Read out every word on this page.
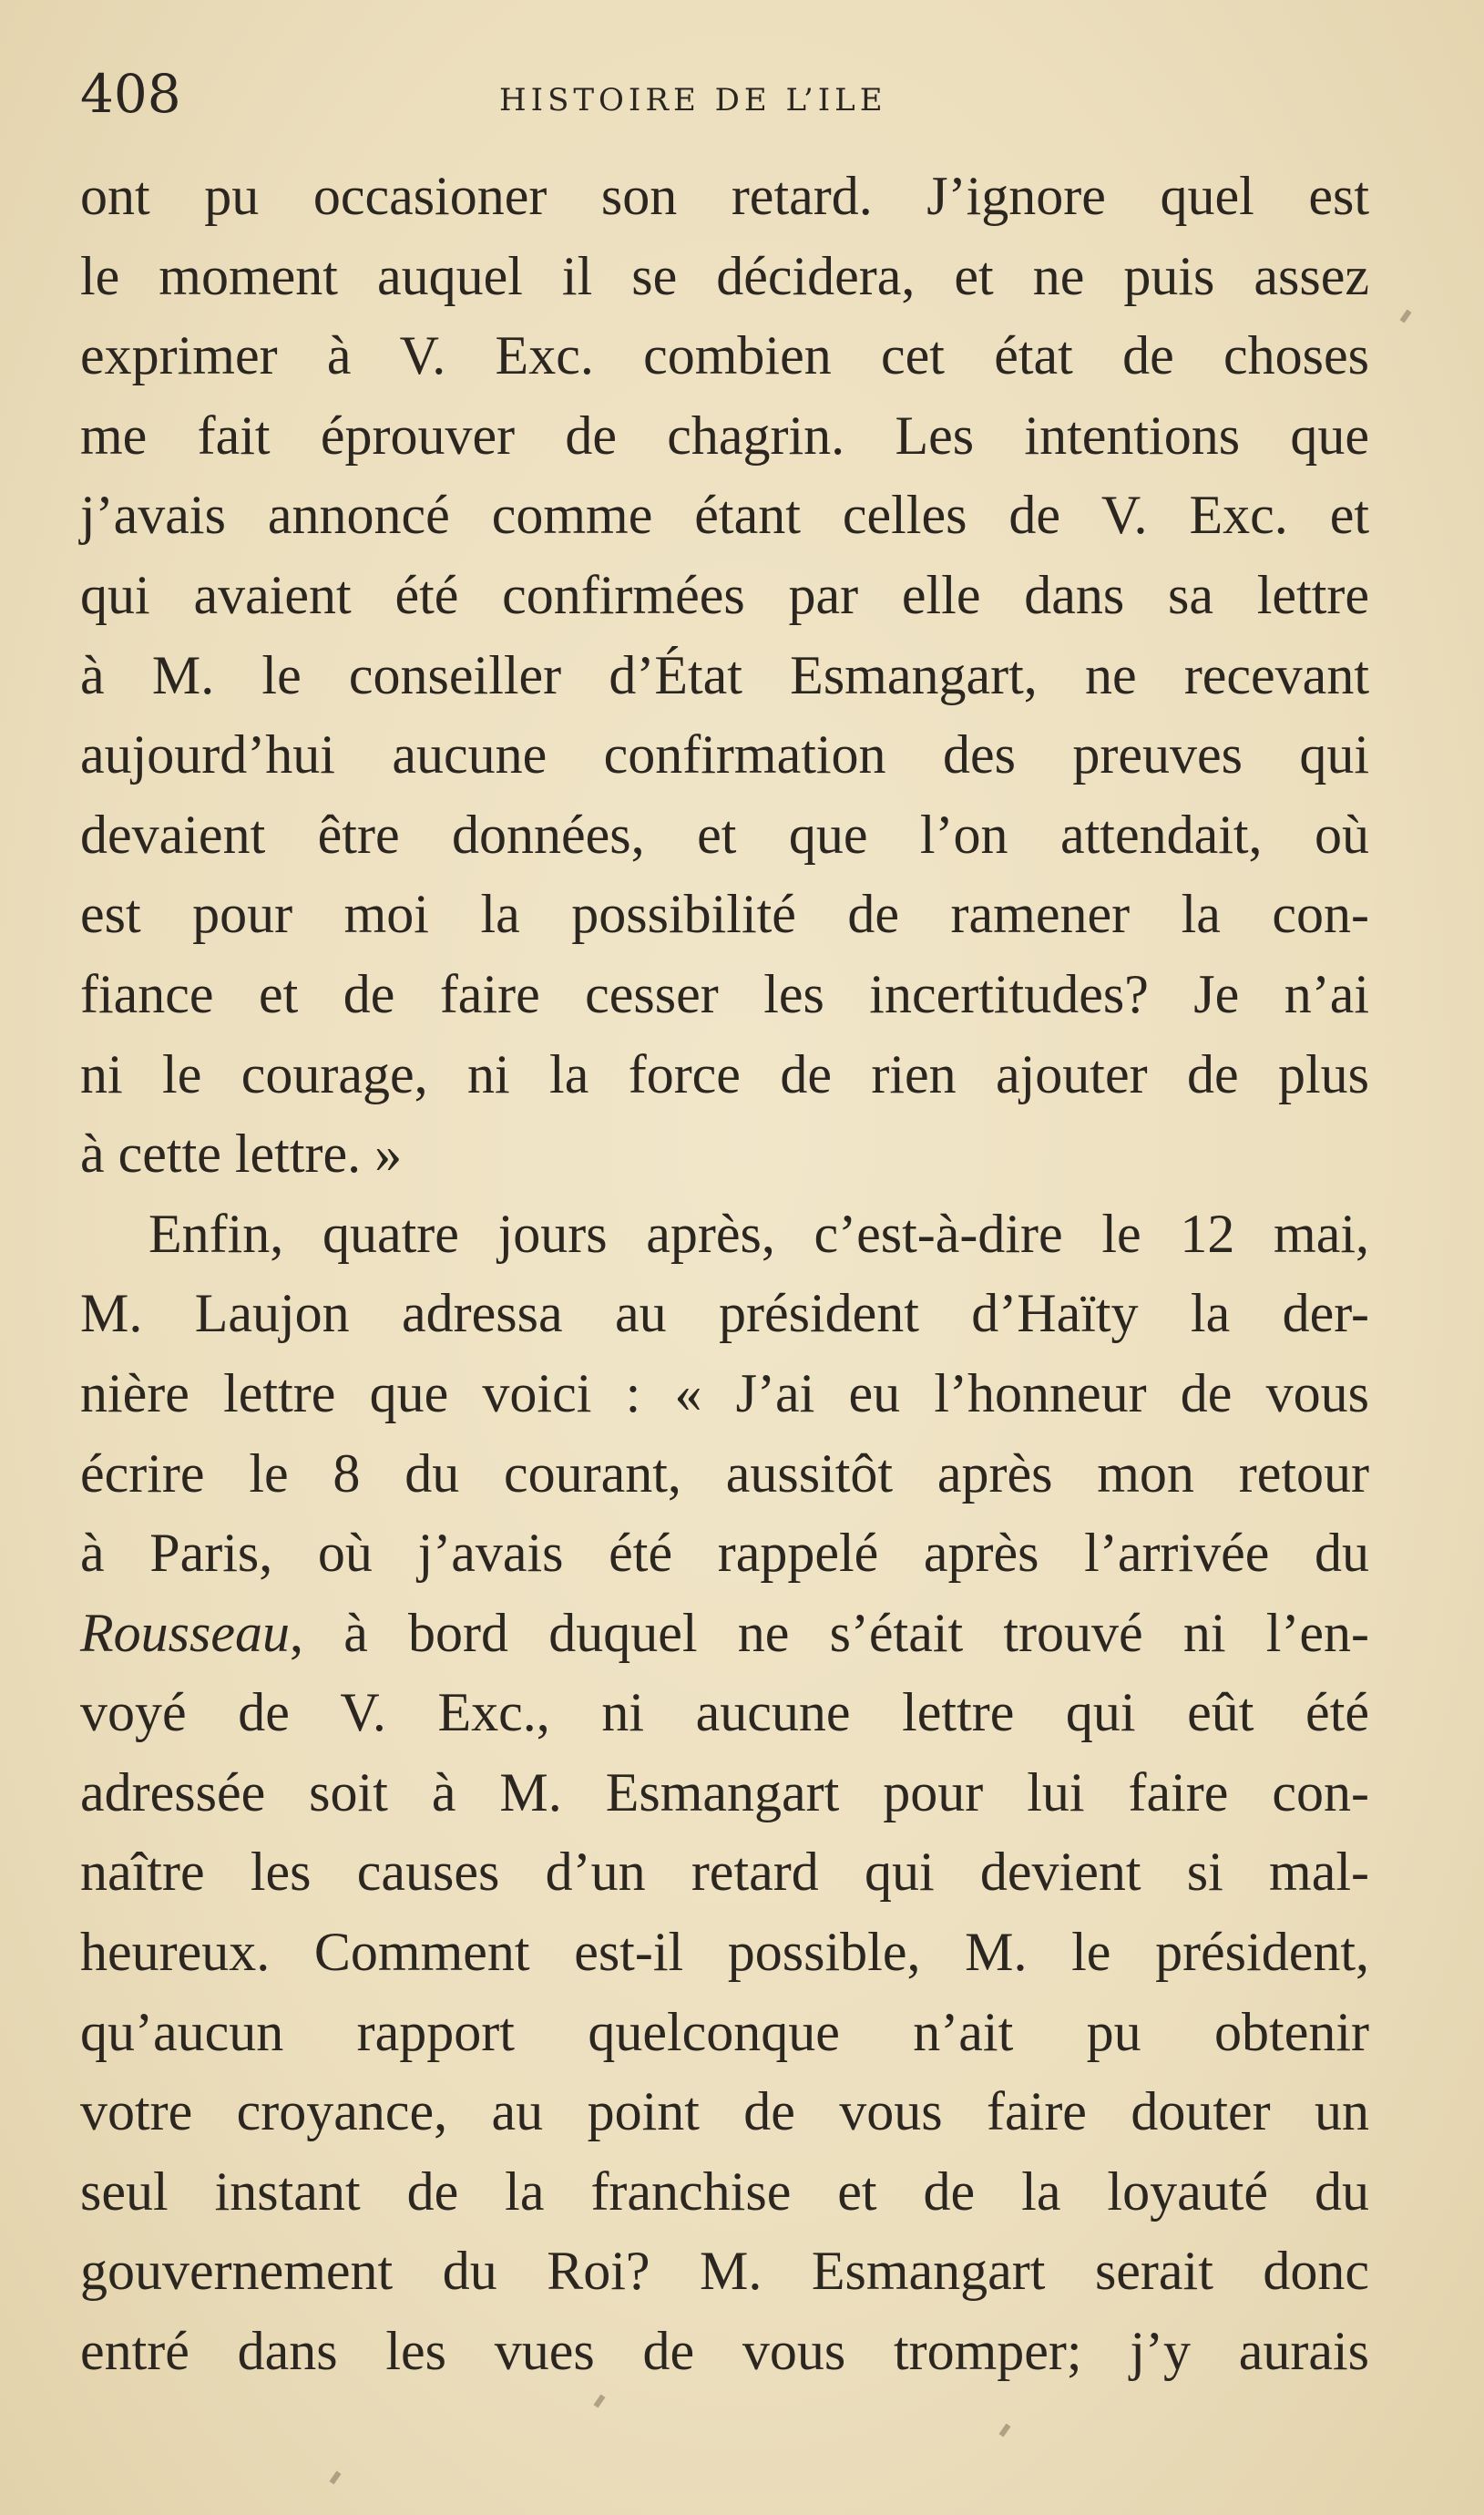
408	HISTOIRE DE L’ILE
ont pu occasioner son retard. J’ignore quel est
le moment auquel il se décidera, et ne puis assez
exprimer à V. Exc. combien cet état de choses
me fait éprouver de chagrin. Les intentions que
j’avais annoncé comme étant celles de V. Exc. et
qui avaient été confirmées par elle dans sa lettre
à M. le conseiller d’État Esmangart, ne recevant
aujourd’hui aucune confirmation des preuves qui
devaient être données, et que l’on attendait, où
est pour moi la possibilité de ramener la con-
fiance et de faire cesser les incertitudes? Je n’ai
ni le courage, ni la force de rien ajouter de plus
à cette lettre. »
Enfin, quatre jours après, c’est-à-dire le 12 mai,
M. Laujon adressa au président d’Haïty la der-
nière lettre que voici : « J’ai eu l’honneur de vous
écrire le 8 du courant, aussitôt après mon retour
à Paris, où j’avais été rappelé après l’arrivée du
Rousseau, à bord duquel ne s’était trouvé ni l’en-
voyé de V. Exc., ni aucune lettre qui eût été
adressée soit à M. Esmangart pour lui faire con-
naître les causes d’un retard qui devient si mal-
heureux. Comment est-il possible, M. le président,
qu’aucun rapport quelconque n’ait pu obtenir
votre croyance, au point de vous faire douter un
seul instant de la franchise et de la loyauté du
gouvernement du Roi? M. Esmangart serait donc
entré dans les vues de vous tromper; j’y aurais
